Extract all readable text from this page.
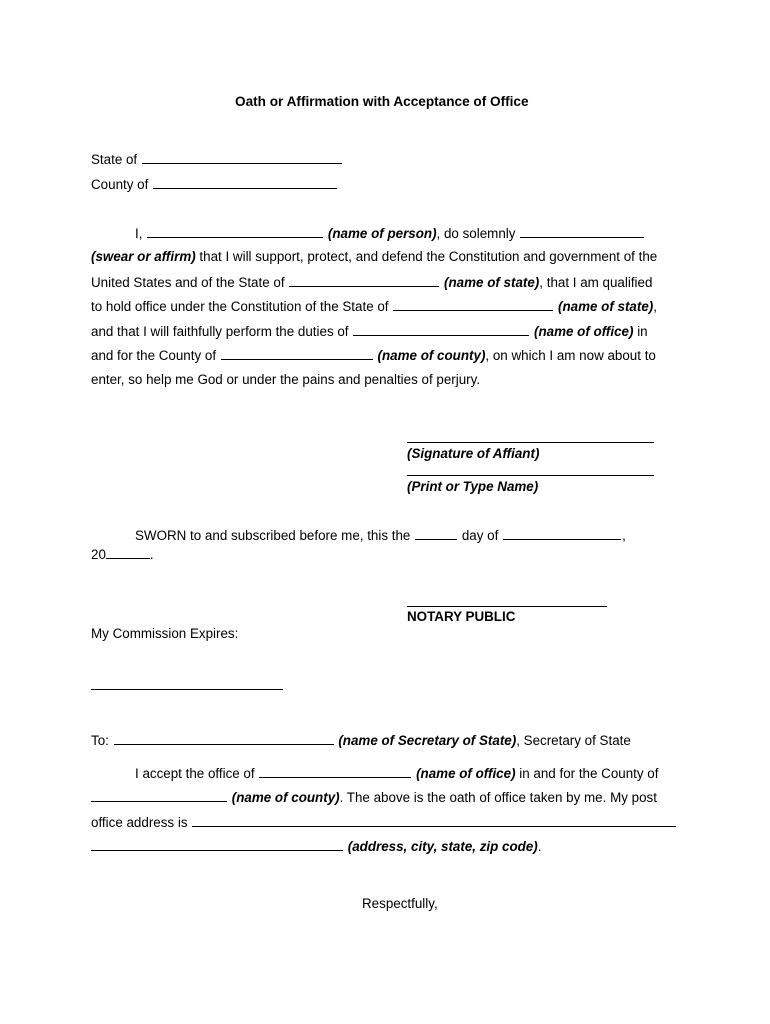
Oath or Affirmation with Acceptance of Office
State of
County of
I,	(name of person), do solemnly
(swear or affirm) that I will support, protect, and defend the Constitution and government of the
United States and of the State of	(name of state), that I am qualified
to hold office under the Constitution of the State of	(name of state),
and that I will faithfully perform the duties of	(name of office) in
and for the County of	(name of county), on which I am now about to
enter, so help me God or under the pains and penalties of perjury.
(Signature of Affiant)
(Print or Type Name)
SWORN to and subscribed before me, this the	day of	,
20	.
NOTARY PUBLIC
My Commission Expires:
To:	(name of Secretary of State), Secretary of State
I accept the office of	(name of office) in and for the County of
(name of county). The above is the oath of office taken by me. My post
office address is
(address, city, state, zip code).
Respectfully,
